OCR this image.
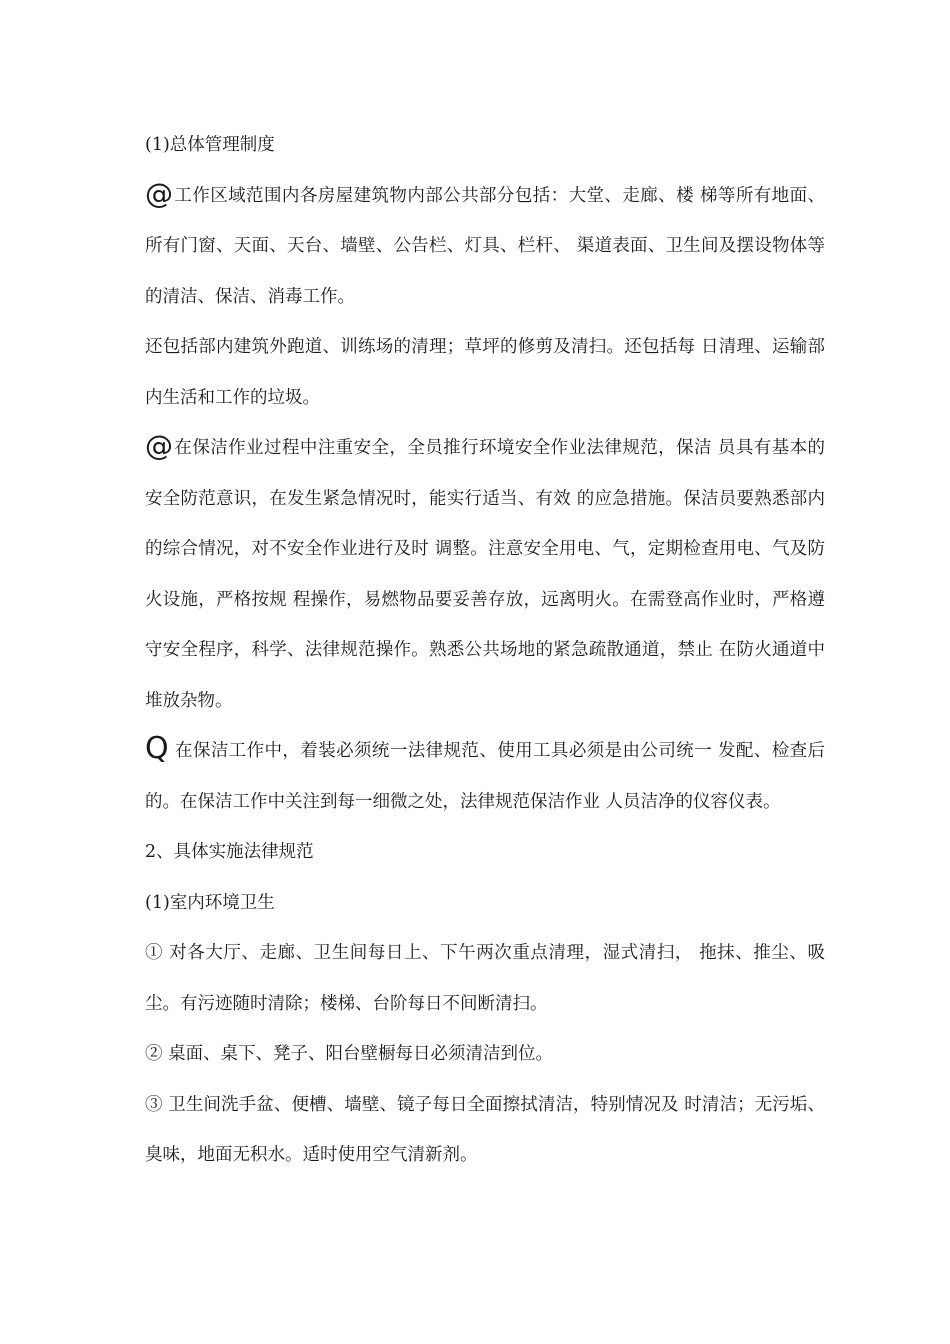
(1)总体管理制度

@工作区域范围内各房屋建筑物内部公共部分包括：大堂、走廊、楼 梯等所有地面、所有门窗、天面、天台、墙壁、公告栏、灯具、栏杆、 渠道表面、卫生间及摆设物体等的清洁、保洁、消毒工作。

还包括部内建筑外跑道、训练场的清理；草坪的修剪及清扫。还包括每 日清理、运输部内生活和工作的垃圾。

@在保洁作业过程中注重安全，全员推行环境安全作业法律规范，保洁 员具有基本的安全防范意识，在发生紧急情况时，能实行适当、有效 的应急措施。保洁员要熟悉部内的综合情况，对不安全作业进行及时 调整。注意安全用电、气，定期检查用电、气及防火设施，严格按规 程操作，易燃物品要妥善存放，远离明火。在需登高作业时，严格遵 守安全程序，科学、法律规范操作。熟悉公共场地的紧急疏散通道，禁止 在防火通道中堆放杂物。

Q在保洁工作中，着装必须统一法律规范、使用工具必须是由公司统一 发配、检查后的。在保洁工作中关注到每一细微之处，法律规范保洁作业 人员洁净的仪容仪表。

2、具体实施法律规范

(1)室内环境卫生

① 对各大厅、走廊、卫生间每日上、下午两次重点清理，湿式清扫， 拖抹、推尘、吸尘。有污迹随时清除；楼梯、台阶每日不间断清扫。

② 桌面、桌下、凳子、阳台壁橱每日必须清洁到位。

③ 卫生间洗手盆、便槽、墙壁、镜子每日全面擦拭清洁，特别情况及 时清洁；无污垢、臭味，地面无积水。适时使用空气清新剂。
